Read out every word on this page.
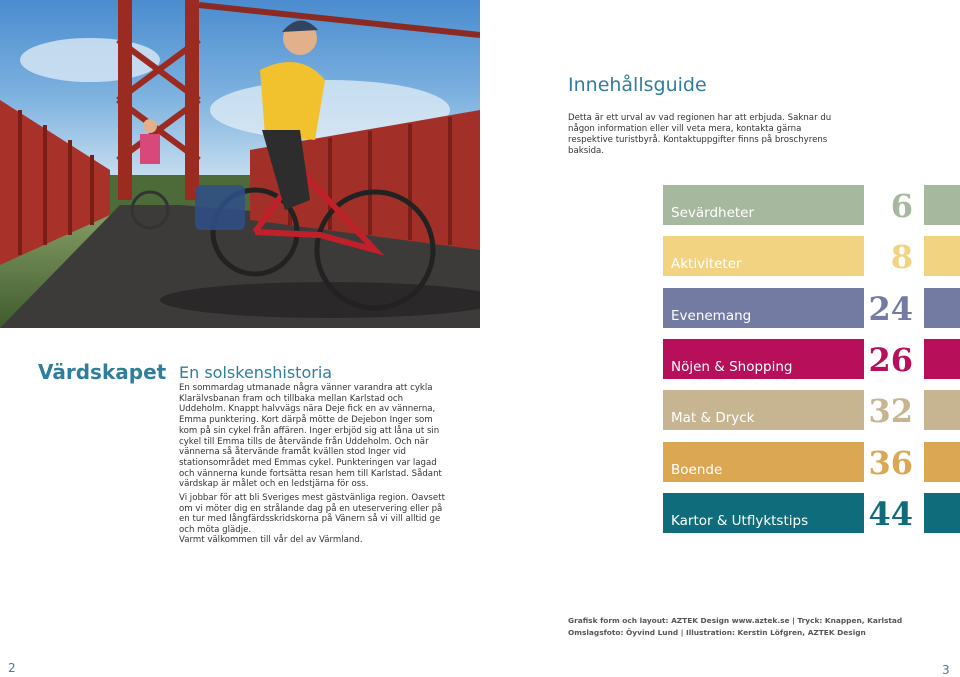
Värdskapet En solskenshistoria
En sommardag utmanade några vänner varandra att cykla Klarälvsbanan fram och tillbaka mellan Karlstad och Uddeholm. Knappt halvvägs nära Deje fick en av vännerna, Emma punktering. Kort därpå mötte de Dejebon Inger som kom på sin cykel från affären. Inger erbjöd sig att låna ut sin cykel till Emma tills de återvände från Uddeholm. Och när vännerna så återvände framåt kvällen stod Inger vid stationsområdet med Emmas cykel. Punkteringen var lagad och vännerna kunde fortsätta resan hem till Karlstad. Sådant värdskap är målet och en ledstjärna för oss.
Vi jobbar för att bli Sveriges mest gästvänliga region. Oavsett om vi möter dig en strålande dag på en uteservering eller på en tur med långfärdsskridskorna på Vänern så vi vill alltid ge och möta glädje.
Varmt välkommen till vår del av Värmland.
2
Innehållsguide
Detta är ett urval av vad regionen har att erbjuda. Saknar du någon information eller vill veta mera, kontakta gärna respektive turistbyrå. Kontaktuppgifter finns på broschyrens baksida.
Sevärdheter	6
Aktiviteter	8
Evenemang	24
Nöjen & Shopping 26
Mat & Dryck	32
Boende	36
Kartor & Utflyktstips 44
Grafisk form och layout: AZTEK Design www.aztek.se | Tryck: Knappen, Karlstad
Omslagsfoto: Öyvind Lund | Illustration: Kerstin Löfgren, AZTEK Design
3
